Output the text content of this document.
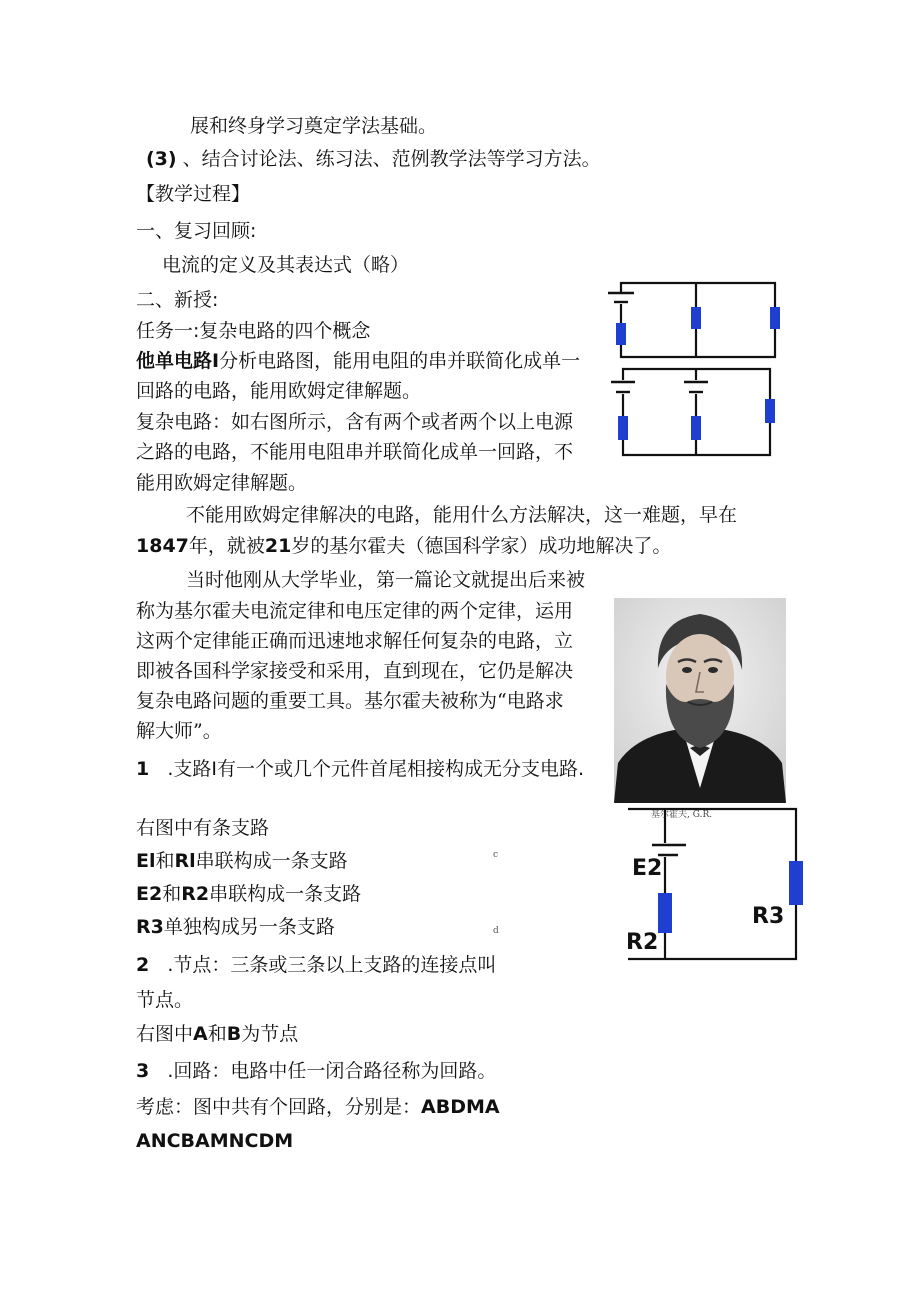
展和终身学习奠定学法基础。
(3) 、结合讨论法、练习法、范例教学法等学习方法。
【教学过程】
一、复习回顾:
电流的定义及其表达式（略）
二、新授:
任务一:复杂电路的四个概念
他单电路I分析电路图，能用电阻的串并联简化成单一
回路的电路，能用欧姆定律解题。
复杂电路：如右图所示，含有两个或者两个以上电源
之路的电路，不能用电阻串并联简化成单一回路，不
能用欧姆定律解题。
不能用欧姆定律解决的电路，能用什么方法解决，这一难题，早在
1847年，就被21岁的基尔霍夫（德国科学家）成功地解决了。
当时他刚从大学毕业，第一篇论文就提出后来被
称为基尔霍夫电流定律和电压定律的两个定律，运用
这两个定律能正确而迅速地求解任何复杂的电路，立
即被各国科学家接受和采用，直到现在，它仍是解决
复杂电路问题的重要工具。基尔霍夫被称为“电路求
解大师”。
1 .支路I有一个或几个元件首尾相接构成无分支电路.
右图中有条支路
El和Rl串联构成一条支路
E2和R2串联构成一条支路
R3单独构成另一条支路
c
d
2 .节点：三条或三条以上支路的连接点叫
节点。
右图中A和B为节点
3 .回路：电路中任一闭合路径称为回路。
考虑：图中共有个回路，分别是：ABDMA
ANCBAMNCDM
基尔霍夫, G.R.
E2
R2
R3
